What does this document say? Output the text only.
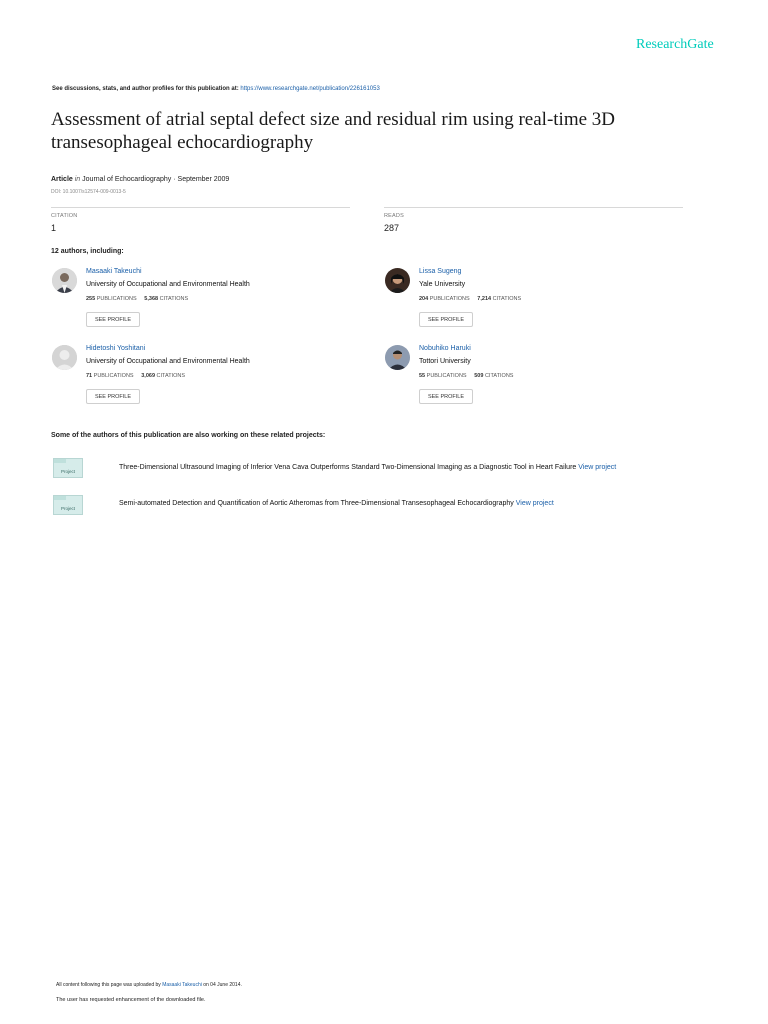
ResearchGate
See discussions, stats, and author profiles for this publication at: https://www.researchgate.net/publication/226161053
Assessment of atrial septal defect size and residual rim using real-time 3D transesophageal echocardiography
Article in Journal of Echocardiography · September 2009
DOI: 10.1007/s12574-009-0013-5
CITATION
1
READS
287
12 authors, including:
Masaaki Takeuchi
University of Occupational and Environmental Health
255 PUBLICATIONS 5,368 CITATIONS
SEE PROFILE
Lissa Sugeng
Yale University
204 PUBLICATIONS 7,214 CITATIONS
SEE PROFILE
Hidetoshi Yoshitani
University of Occupational and Environmental Health
71 PUBLICATIONS 3,069 CITATIONS
SEE PROFILE
Nobuhiko Haruki
Tottori University
55 PUBLICATIONS 509 CITATIONS
SEE PROFILE
Some of the authors of this publication are also working on these related projects:
Project
Three-Dimensional Ultrasound Imaging of Inferior Vena Cava Outperforms Standard Two-Dimensional Imaging as a Diagnostic Tool in Heart Failure View project
Project
Semi-automated Detection and Quantification of Aortic Atheromas from Three-Dimensional Transesophageal Echocardiography View project
All content following this page was uploaded by Masaaki Takeuchi on 04 June 2014.
The user has requested enhancement of the downloaded file.
